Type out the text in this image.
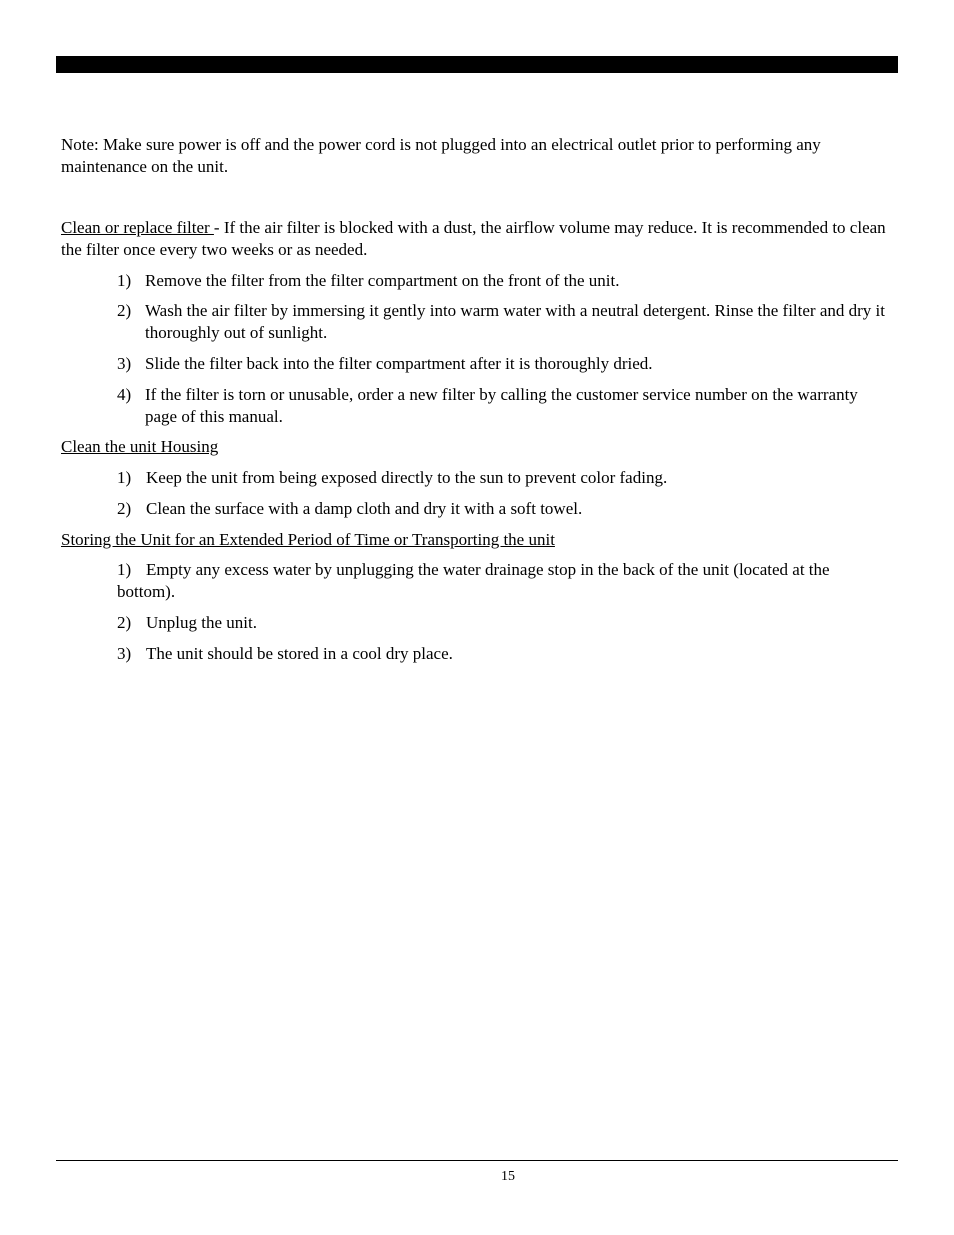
Note: Make sure power is off and the power cord is not plugged into an electrical outlet prior to performing any maintenance on the unit.
Clean or replace filter - If the air filter is blocked with a dust, the airflow volume may reduce. It is recommended to clean the filter once every two weeks or as needed.
1) Remove the filter from the filter compartment on the front of the unit.
2) Wash the air filter by immersing it gently into warm water with a neutral detergent. Rinse the filter and dry it thoroughly out of sunlight.
3) Slide the filter back into the filter compartment after it is thoroughly dried.
4) If the filter is torn or unusable, order a new filter by calling the customer service number on the warranty page of this manual.
Clean the unit Housing
1) Keep the unit from being exposed directly to the sun to prevent color fading.
2) Clean the surface with a damp cloth and dry it with a soft towel.
Storing the Unit for an Extended Period of Time or Transporting the unit
1) Empty any excess water by unplugging the water drainage stop in the back of the unit (located at the bottom).
2) Unplug the unit.
3) The unit should be stored in a cool dry place.
15
